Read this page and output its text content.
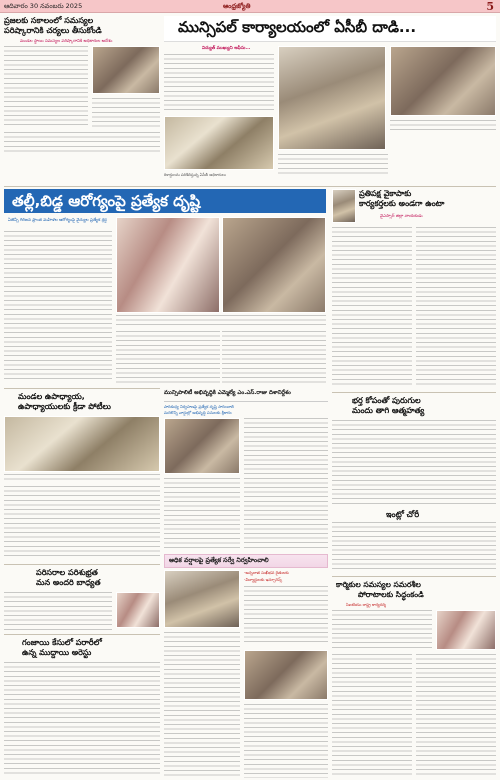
ఆదివారం 30 నవంబరు 2025	ఆంధ్రజ్యోతి	5
ప్రజలకు సకాలంలో సమస్యల
పరిష్కారానికి చర్యలు తీసుకోండి
మండల స్థాయి సమస్యల పరిష్కారానికి అధికారుల ఆదేశం
మున్సిపల్ కార్యాలయంలో ఏసీబీ దాడి...
విద్యుత్ ముఖ్యుని ఆఫీసు...
రికార్డులను పరిశీలిస్తున్న ఏసీబీ అధికారులు
తల్లీ,బిడ్డ ఆరోగ్యంపై ప్రత్యేక దృష్టి
ఏజెన్సీ గిరిజన ప్రాంత మహిళల ఆరోగ్యంపై వైద్యుల ప్రత్యేక శ్రద్ధ
ప్రతిపక్ష వైకాపాకు
కార్యకర్తలకు అండగా ఉంటా
వైఎస్సార్ జిల్లా నాయకుడు
మండల ఉపాధ్యాయ,
ఉపాధ్యాయులకు క్రీడా పోటీలు
మున్సిపాలిటీ అభివృద్ధికి ఎమ్మెల్యే ఎం.ఎస్.రాజు దిశానిర్దేశం
పారిశుధ్య నిర్వహణపై ప్రత్యేక దృష్టి సారించాలి
మరికొన్ని వార్డుల్లో అభివృద్ధి పనులకు శ్రీకారం
భర్త కోపంతో పురుగుల
మందు తాగి ఆత్మహత్య
ఇంట్లో చోరీ
పరిసరాల పరిశుభ్రత
మన అందరి బాధ్యత
అధిక వర్షాలపై ప్రత్యేక సర్వే నిర్వహించాలి
-అన్నదాత సుఖీభవ రైతులకు
-విద్యార్థులకు ఇన్సూరెన్స్
గంజాయి కేసులో పరారీలో
ఉన్న ముద్దాయి అరెస్టు
కార్మికుల సమస్యల సమరశీల
పోరాటాలకు సిద్ధంకండి
సిఐటియు రాష్ట్ర కార్యదర్శి
